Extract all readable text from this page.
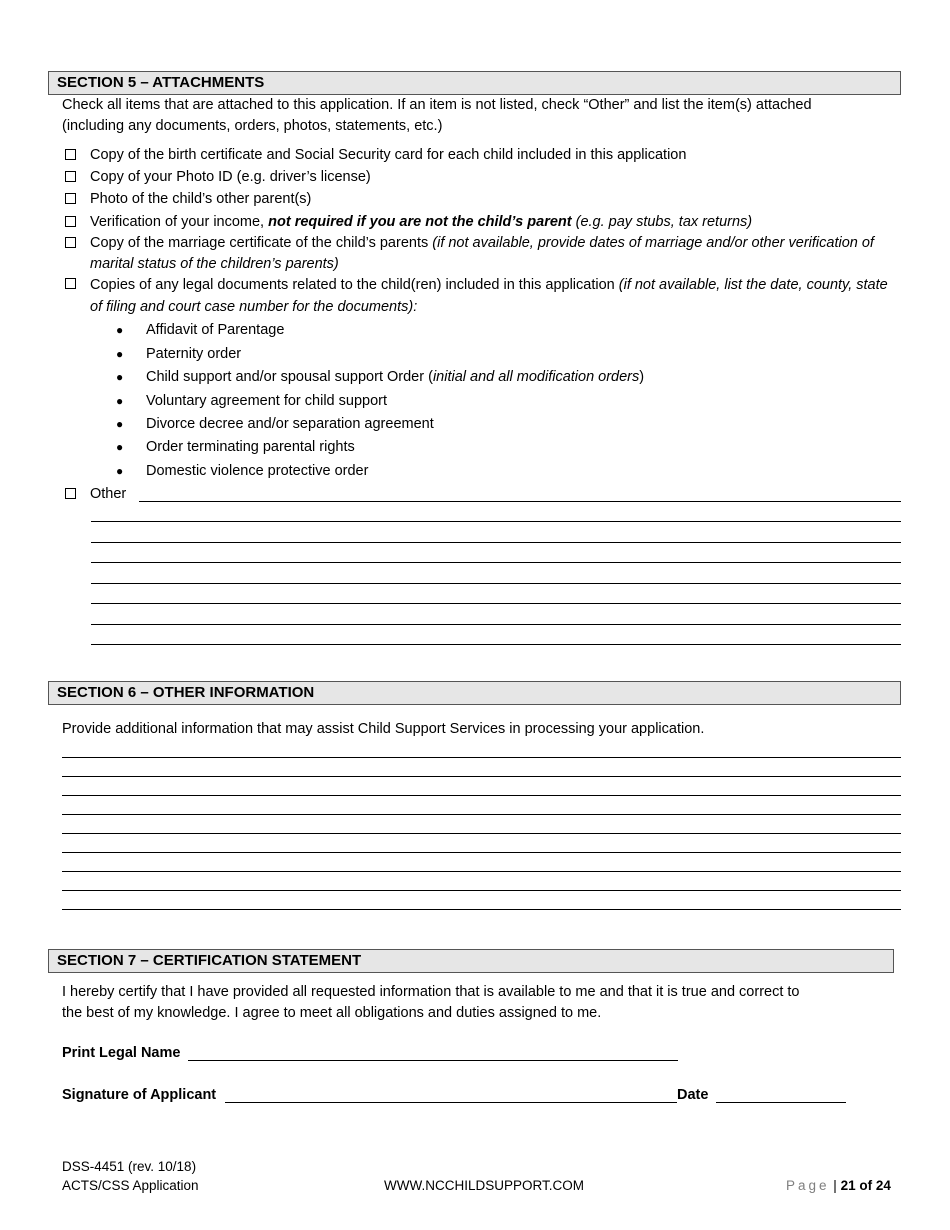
SECTION 5 – ATTACHMENTS
Check all items that are attached to this application. If an item is not listed, check “Other” and list the item(s) attached
(including any documents, orders, photos, statements, etc.)
Copy of the birth certificate and Social Security card for each child included in this application
Copy of your Photo ID (e.g. driver’s license)
Photo of the child’s other parent(s)
Verification of your income, not required if you are not the child’s parent (e.g. pay stubs, tax returns)
Copy of the marriage certificate of the child’s parents (if not available, provide dates of marriage and/or other verification of marital status of the children’s parents)
Copies of any legal documents related to the child(ren) included in this application (if not available, list the date, county, state of filing and court case number for the documents):
● Affidavit of Parentage
● Paternity order
● Child support and/or spousal support Order (initial and all modification orders)
● Voluntary agreement for child support
● Divorce decree and/or separation agreement
● Order terminating parental rights
● Domestic violence protective order
Other
SECTION 6 – OTHER INFORMATION
Provide additional information that may assist Child Support Services in processing your application.
SECTION 7 – CERTIFICATION STATEMENT
I hereby certify that I have provided all requested information that is available to me and that it is true and correct to
the best of my knowledge. I agree to meet all obligations and duties assigned to me.
Print Legal Name
Signature of Applicant	Date
DSS-4451 (rev. 10/18)
ACTS/CSS Application	WWW.NCCHILDSUPPORT.COM	Page | 21 of 24
